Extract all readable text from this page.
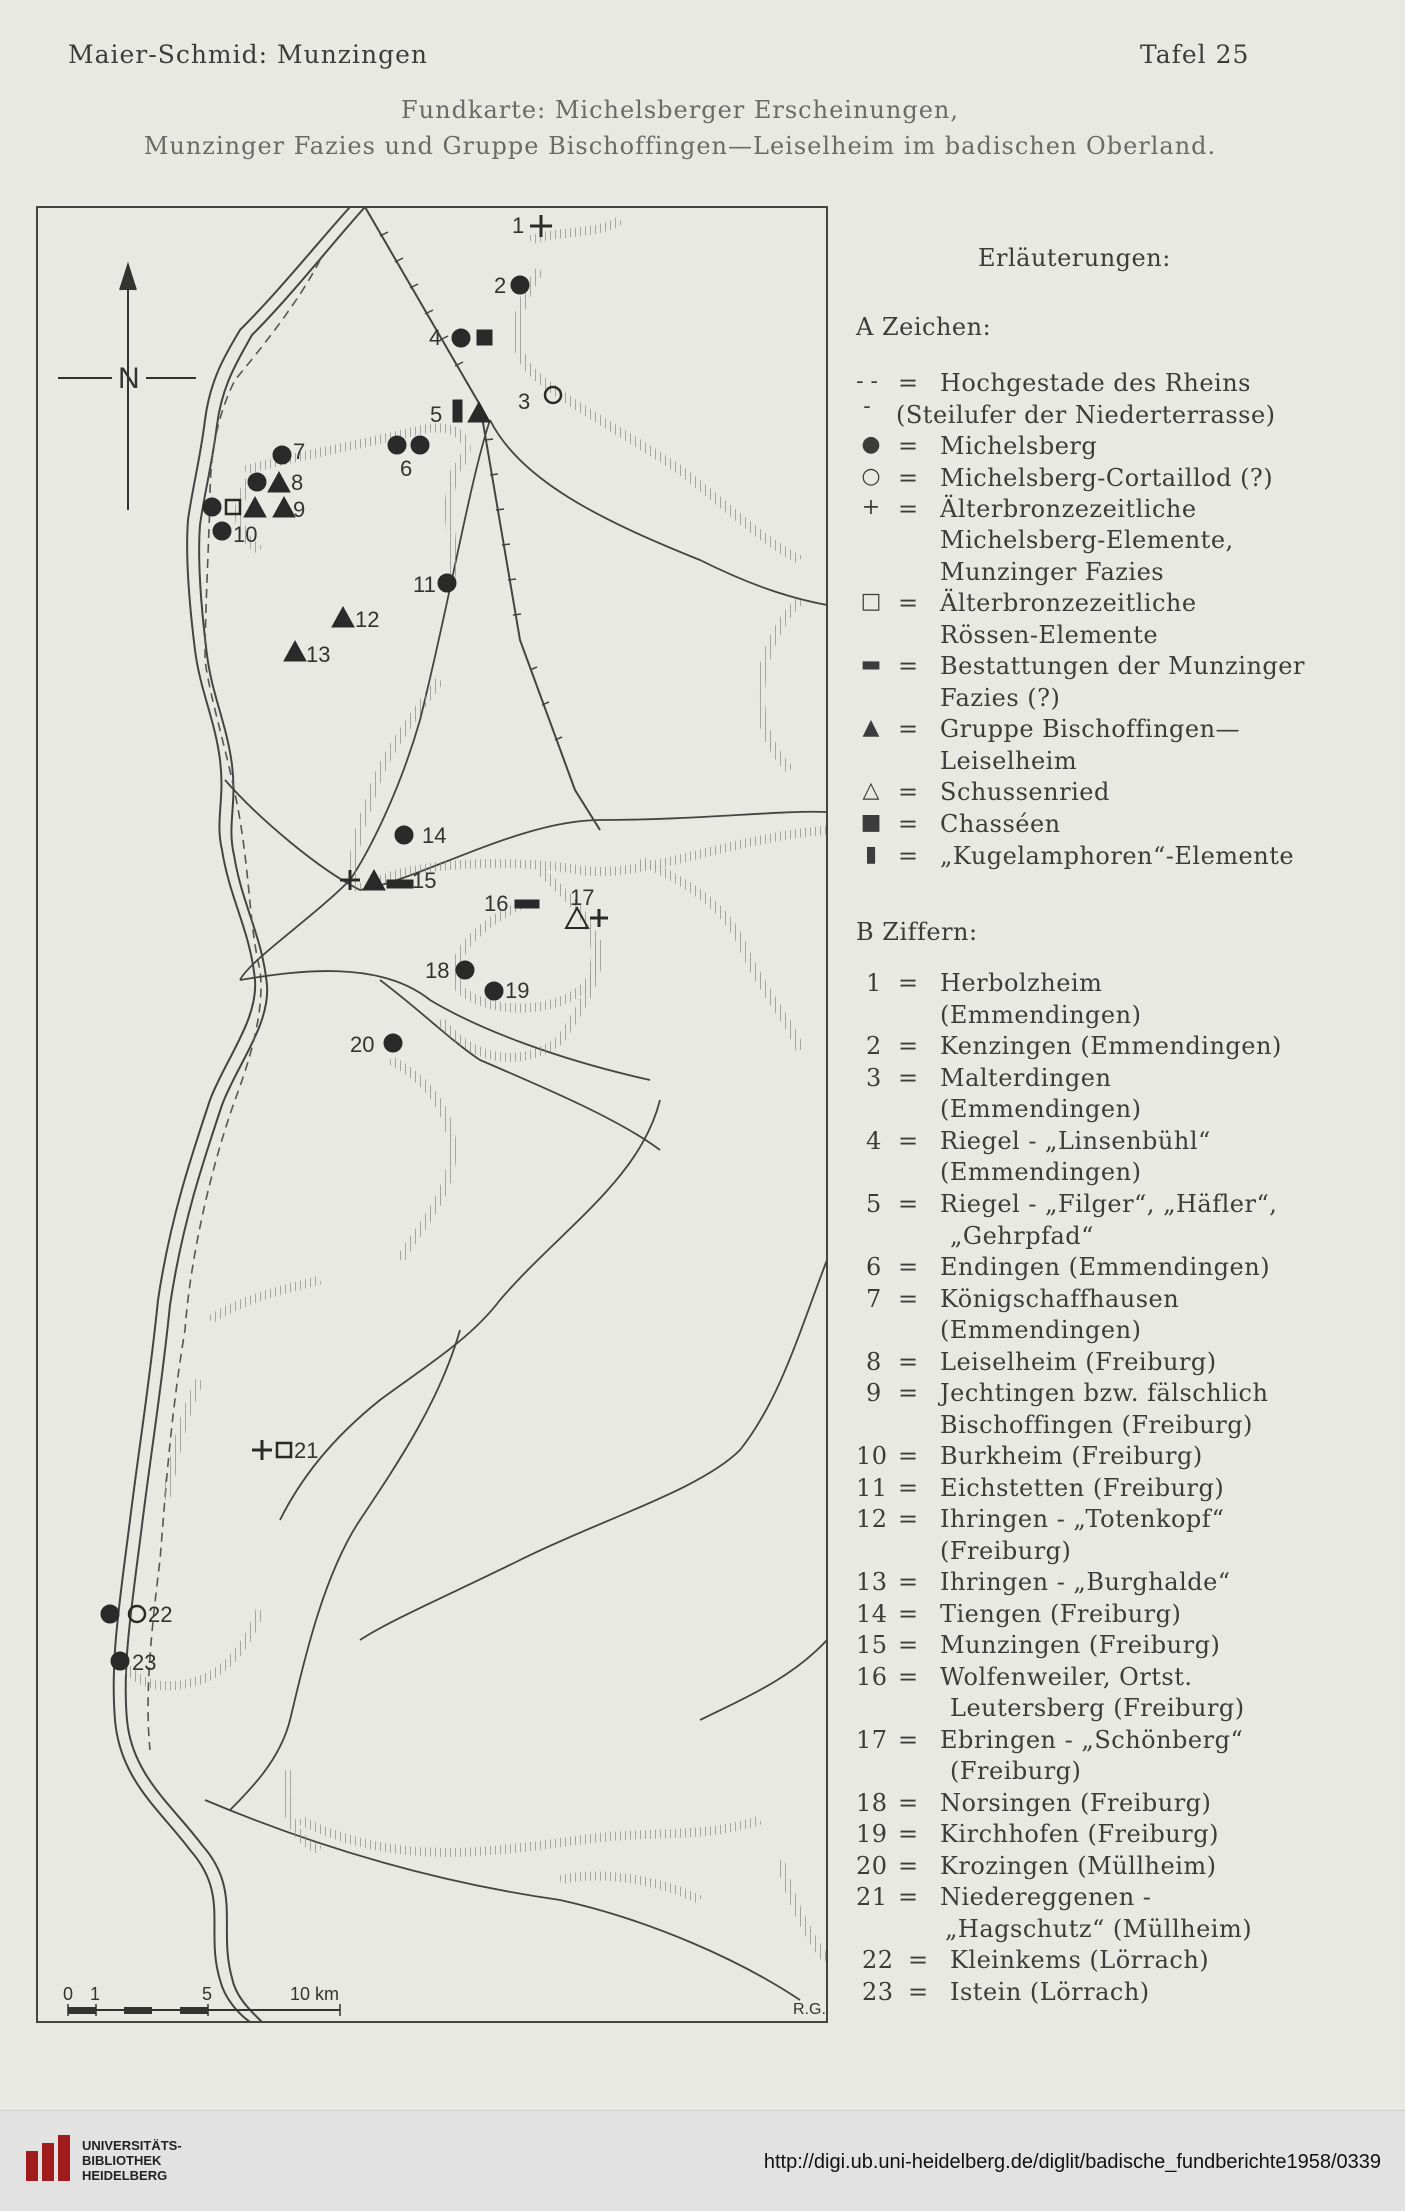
Maier-Schmid: Munzingen	Tafel 25
Fundkarte: Michelsberger Erscheinungen,
Munzinger Fazies und Gruppe Bischoffingen—Leiselheim im badischen Oberland.
N
0 1	5	10 km
R.G.
1
2
3
4
5
6
7
8
9
10
11
12
13
14
15
16	17
18
19
20
21
22
23
Erläuterungen:
A Zeichen:
- - -
= Hochgestade des Rheins
(Steilufer der Niederterrasse)
● = Michelsberg
○ = Michelsberg-Cortaillod (?)
+ = Älterbronzezeitliche
Michelsberg-Elemente,
Munzinger Fazies
□ = Älterbronzezeitliche
Rössen-Elemente
▬ = Bestattungen der Munzinger
Fazies (?)
▲ = Gruppe Bischoffingen—
Leiselheim
△ = Schussenried
■ = Chasséen
▮ = „Kugelamphoren“-Elemente
B Ziffern:
1 = Herbolzheim
(Emmendingen)
2 = Kenzingen (Emmendingen)
3 = Malterdingen
(Emmendingen)
4 = Riegel - „Linsenbühl“
(Emmendingen)
5 = Riegel - „Filger“, „Häfler“,
„Gehrpfad“
6 = Endingen (Emmendingen)
7 = Königschaffhausen
(Emmendingen)
8 = Leiselheim (Freiburg)
9 = Jechtingen bzw. fälschlich
Bischoffingen (Freiburg)
10 = Burkheim (Freiburg)
11 = Eichstetten (Freiburg)
12 = Ihringen - „Totenkopf“
(Freiburg)
13 = Ihringen - „Burghalde“
14 = Tiengen (Freiburg)
15 = Munzingen (Freiburg)
16 = Wolfenweiler, Ortst.
Leutersberg (Freiburg)
17 = Ebringen - „Schönberg“
(Freiburg)
18 = Norsingen (Freiburg)
19 = Kirchhofen (Freiburg)
20 = Krozingen (Müllheim)
21 = Niedereggenen -
„Hagschutz“ (Müllheim)
22 = Kleinkems (Lörrach)
23 = Istein (Lörrach)
UNIVERSITÄTS-
BIBLIOTHEK
HEIDELBERG
http://digi.ub.uni-heidelberg.de/diglit/badische_fundberichte1958/0339
